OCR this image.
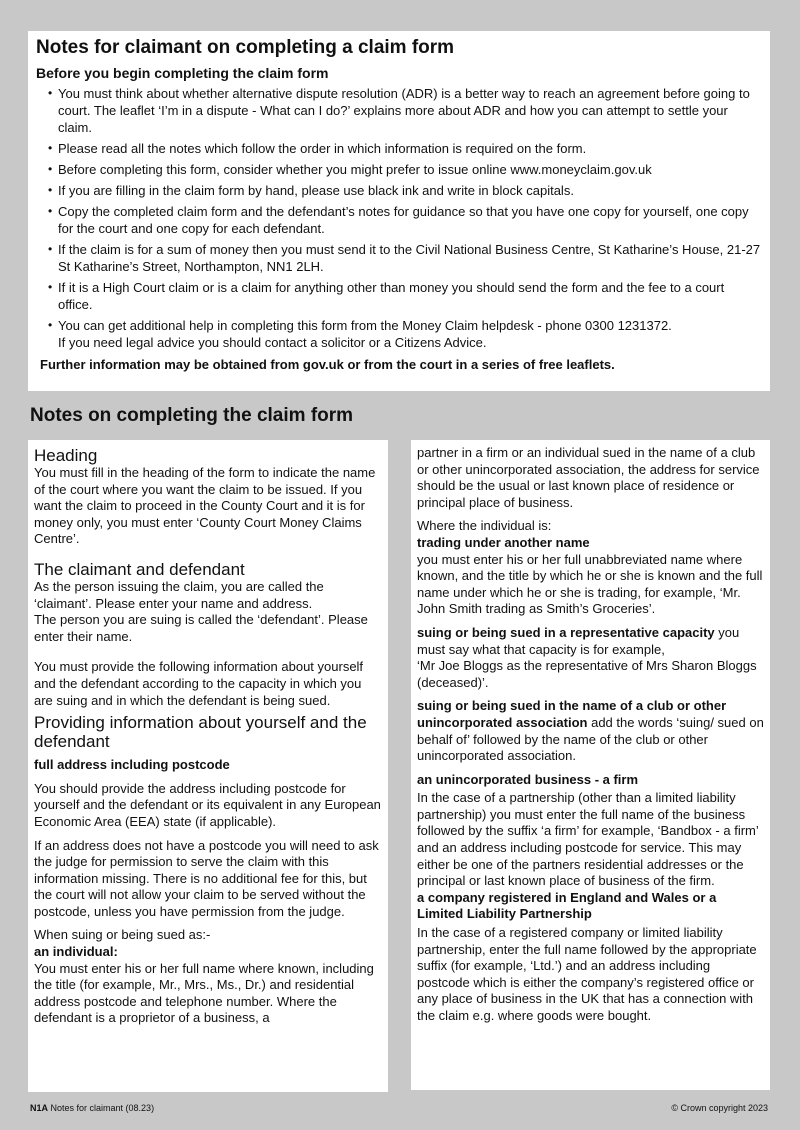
Notes for claimant on completing a claim form
Before you begin completing the claim form
• You must think about whether alternative dispute resolution (ADR) is a better way to reach an agreement before going to court. The leaflet ‘I’m in a dispute - What can I do?’ explains more about ADR and how you can attempt to settle your claim.
• Please read all the notes which follow the order in which information is required on the form.
• Before completing this form, consider whether you might prefer to issue online www.moneyclaim.gov.uk
• If you are filling in the claim form by hand, please use black ink and write in block capitals.
• Copy the completed claim form and the defendant’s notes for guidance so that you have one copy for yourself, one copy for the court and one copy for each defendant.
• If the claim is for a sum of money then you must send it to the Civil National Business Centre, St Katharine’s House, 21-27 St Katharine’s Street, Northampton, NN1 2LH.
• If it is a High Court claim or is a claim for anything other than money you should send the form and the fee to a court office.
• You can get additional help in completing this form from the Money Claim helpdesk - phone 0300 1231372.
If you need legal advice you should contact a solicitor or a Citizens Advice.

Further information may be obtained from gov.uk or from the court in a series of free leaflets.

Notes on completing the claim form
Heading

You must fill in the heading of the form to indicate the name of the court where you want the claim to be issued. If you want the claim to proceed in the County Court and it is for money only, you must enter ‘County Court Money Claims Centre’.

The claimant and defendant

As the person issuing the claim, you are called the ‘claimant’. Please enter your name and address.

The person you are suing is called the ‘defendant’. Please enter their name.

You must provide the following information about yourself and the defendant according to the capacity in which you are suing and in which the defendant is being sued.

Providing information about yourself and the defendant

full address including postcode

You should provide the address including postcode for yourself and the defendant or its equivalent in any European Economic Area (EEA) state (if applicable).

If an address does not have a postcode you will need to ask the judge for permission to serve the claim with this information missing. There is no additional fee for this, but the court will not allow your claim to be served without the postcode, unless you have permission from the judge.

When suing or being sued as:-

an individual:

You must enter his or her full name where known, including the title (for example, Mr., Mrs., Ms., Dr.) and residential address postcode and telephone number. Where the defendant is a proprietor of a business, a

partner in a firm or an individual sued in the name of a club or other unincorporated association, the address for service should be the usual or last known place of residence or principal place of business.

Where the individual is:

trading under another name

you must enter his or her full unabbreviated name where known, and the title by which he or she is known and the full name under which he or she is trading, for example, ‘Mr. John Smith trading as Smith’s Groceries’.

suing or being sued in a representative capacity you must say what that capacity is for example,

‘Mr Joe Bloggs as the representative of Mrs Sharon Bloggs (deceased)’.

suing or being sued in the name of a club or other unincorporated association add the words ‘suing/ sued on behalf of’ followed by the name of the club or other unincorporated association.

an unincorporated business - a firm

In the case of a partnership (other than a limited liability partnership) you must enter the full name of the business followed by the suffix ‘a firm’ for example, ‘Bandbox - a firm’ and an address including postcode for service. This may either be one of the partners residential addresses or the principal or last known place of business of the firm.

a company registered in England and Wales or a Limited Liability Partnership

In the case of a registered company or limited liability partnership, enter the full name followed by the appropriate suffix (for example, ‘Ltd.’) and an address including postcode which is either the company’s registered office or any place of business in the UK that has a connection with the claim e.g. where goods were bought.

N1A Notes for claimant (08.23)	© Crown copyright 2023
